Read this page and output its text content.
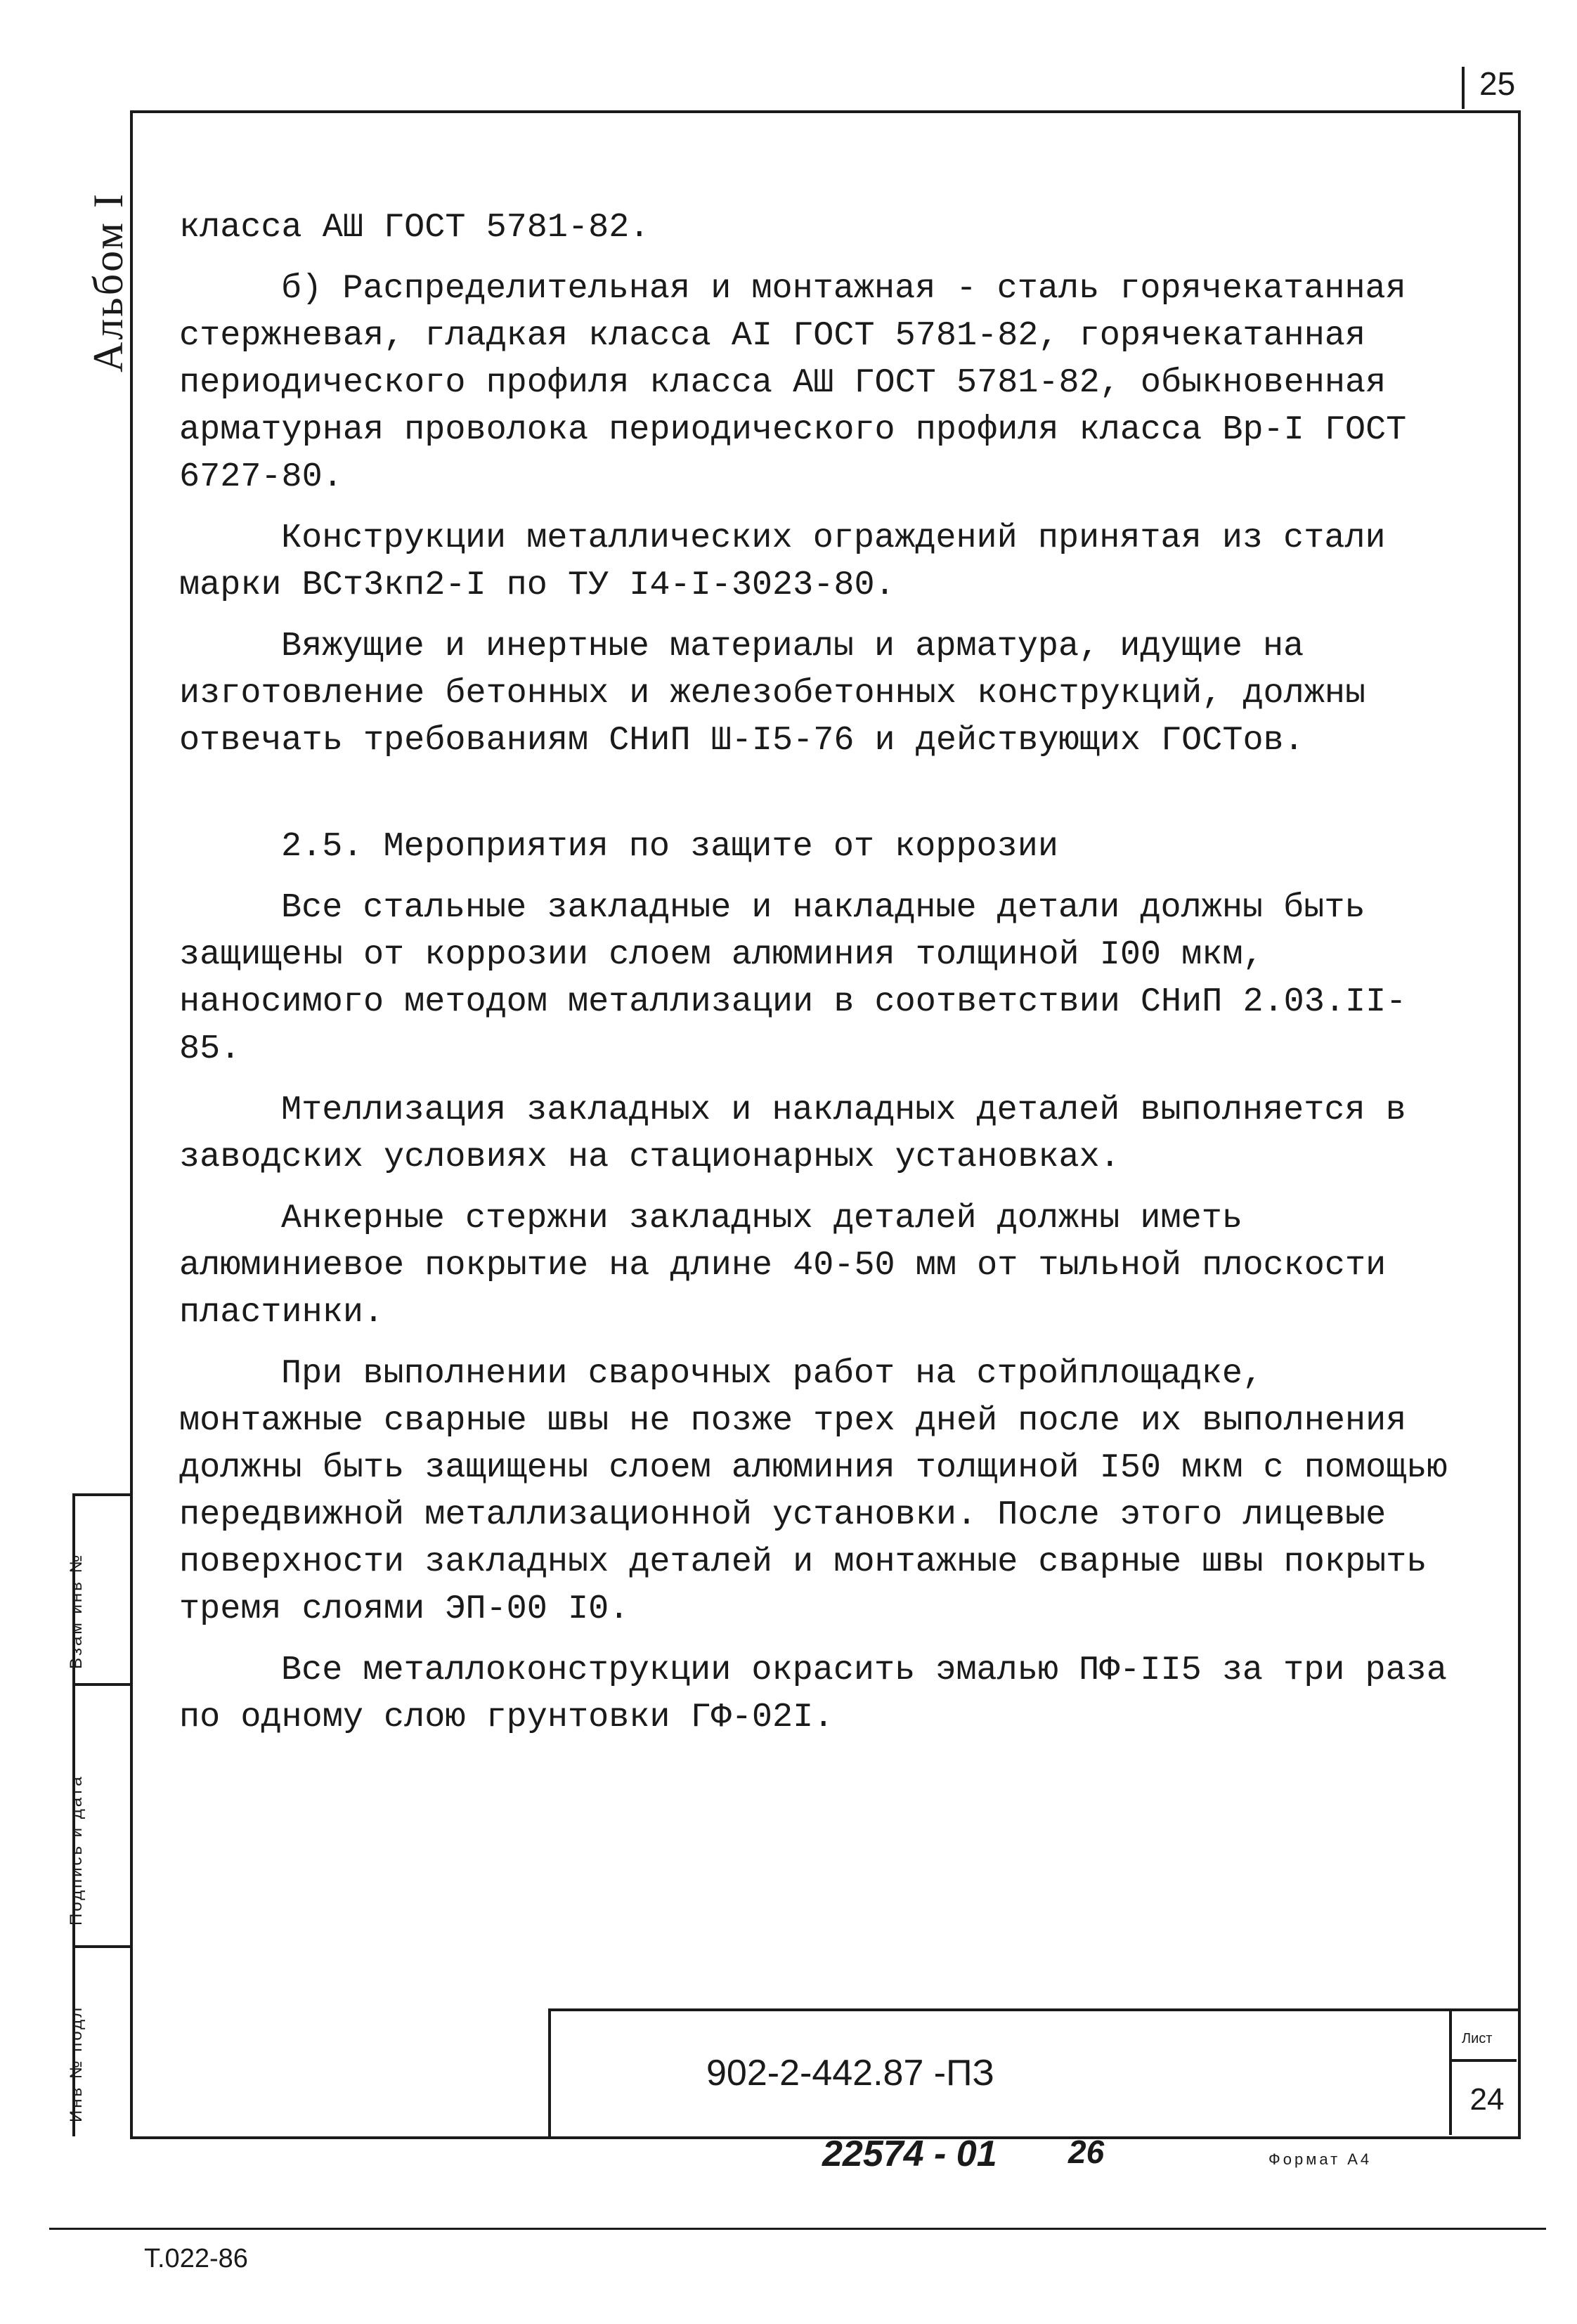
25
Взам инв №
Подпись и дата
Инв № подл
Альбом I класса АШ ГОСТ 5781-82.

б) Распределительная и монтажная - сталь горячекатанная стержневая, гладкая класса АI ГОСТ 5781-82, горячекатанная периодического профиля класса АШ ГОСТ 5781-82, обыкновенная арматурная проволока периодического профиля класса Вр-I ГОСТ 6727-80.

Конструкции металлических ограждений принятая из стали марки ВСт3кп2-I по ТУ I4-I-3023-80.

Вяжущие и инертные материалы и арматура, идущие на изготовление бетонных и железобетонных конструкций, должны отвечать требованиям СНиП Ш-I5-76 и действующих ГОСТов.

2.5. Мероприятия по защите от коррозии

Все стальные закладные и накладные детали должны быть защищены от коррозии слоем алюминия толщиной I00 мкм, наносимого методом металлизации в соответствии СНиП 2.03.II-85.

Мтеллизация закладных и накладных деталей выполняется в заводских условиях на стационарных установках.

Анкерные стержни закладных деталей должны иметь алюминиевое покрытие на длине 40-50 мм от тыльной плоскости пластинки.

При выполнении сварочных работ на стройплощадке, монтажные сварные швы не позже трех дней после их выполнения должны быть защищены слоем алюминия толщиной I50 мкм с помощью передвижной металлизационной установки. После этого лицевые поверхности закладных деталей и монтажные сварные швы покрыть тремя слоями ЭП-00 I0.

Все металлоконструкции окрасить эмалью ПФ-II5 за три раза по одному слою грунтовки ГФ-02I.

902-2-442.87 -ПЗ
Лист
24
22574 - 01 26	Формат А4
Т.022-86
